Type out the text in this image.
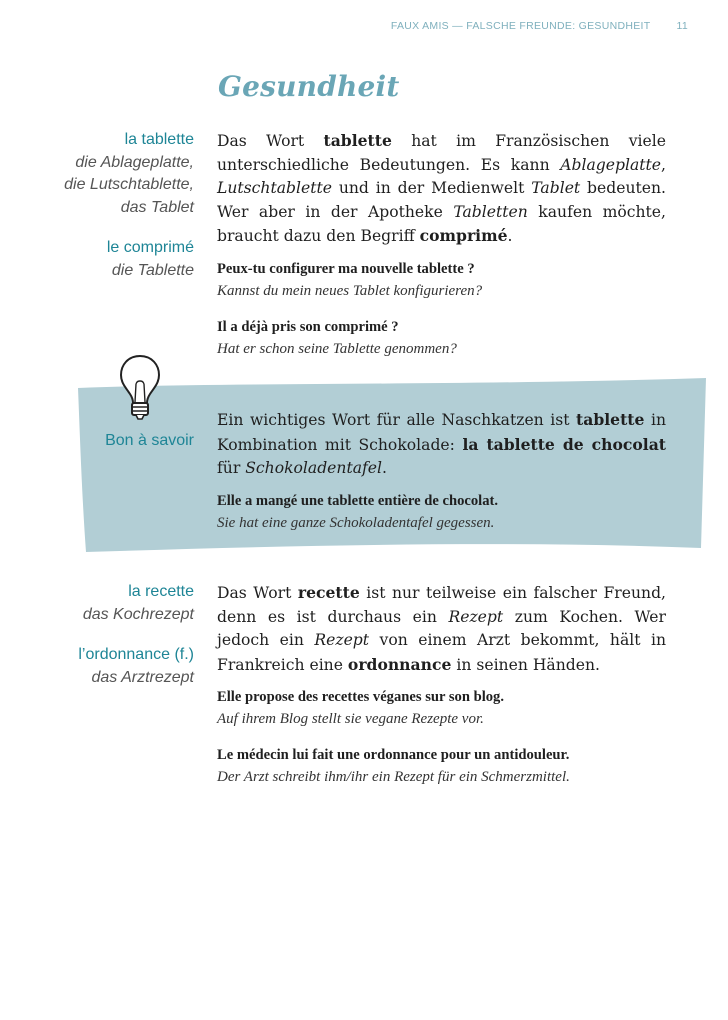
FAUX AMIS — FALSCHE FREUNDE: GESUNDHEIT 11
Gesundheit
la tablette
die Ablageplatte,
die Lutschtablette,
das Tablet
le comprimé
die Tablette
Das Wort tablette hat im Französischen viele unterschiedliche Bedeutungen. Es kann Ablageplatte, Lutschtablette und in der Medienwelt Tablet bedeuten. Wer aber in der Apotheke Tabletten kaufen möchte, braucht dazu den Begriff comprimé.
Peux-tu configurer ma nouvelle tablette ?
Kannst du mein neues Tablet konfigurieren?
Il a déjà pris son comprimé ?
Hat er schon seine Tablette genommen?
Bon à savoir
Ein wichtiges Wort für alle Naschkatzen ist tablette in Kombination mit Schokolade: la tablette de chocolat für Schokoladentafel.
Elle a mangé une tablette entière de chocolat.
Sie hat eine ganze Schokoladentafel gegessen.
la recette
das Kochrezept
l’ordonnance (f.)
das Arztrezept
Das Wort recette ist nur teilweise ein falscher Freund, denn es ist durchaus ein Rezept zum Kochen. Wer jedoch ein Rezept von einem Arzt bekommt, hält in Frankreich eine ordonnance in seinen Händen.
Elle propose des recettes véganes sur son blog.
Auf ihrem Blog stellt sie vegane Rezepte vor.
Le médecin lui fait une ordonnance pour un antidouleur.
Der Arzt schreibt ihm/ihr ein Rezept für ein Schmerzmittel.
